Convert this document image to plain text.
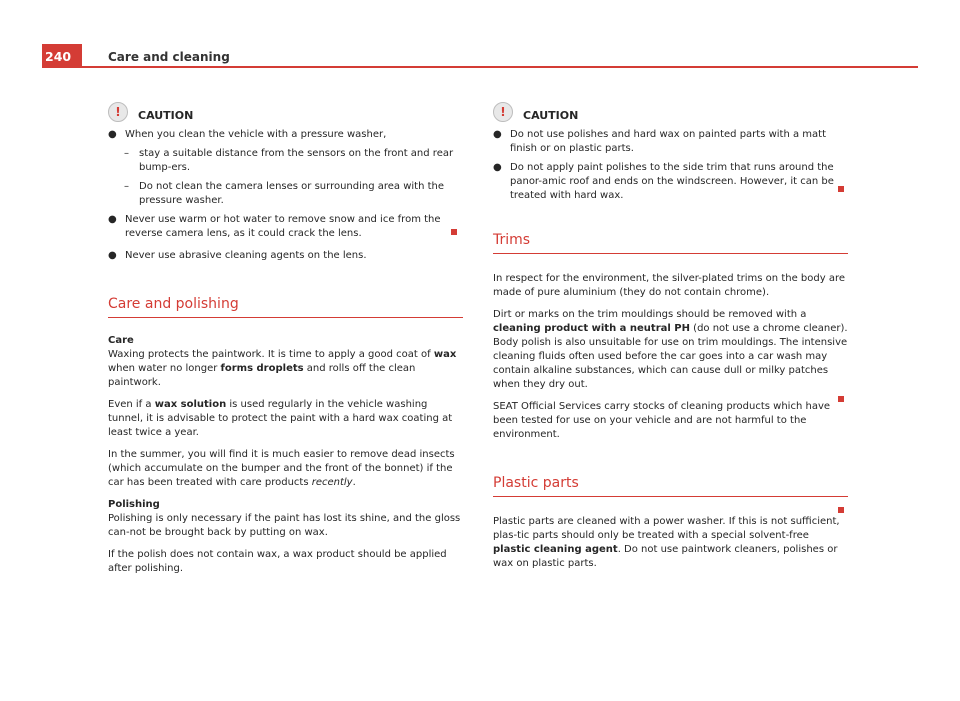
240	Care and cleaning
!	CAUTION
● When you clean the vehicle with a pressure washer,
– stay a suitable distance from the sensors on the front and rear bump-ers.
– Do not clean the camera lenses or surrounding area with the pressure washer.
● Never use warm or hot water to remove snow and ice from the reverse camera lens, as it could crack the lens.
● Never use abrasive cleaning agents on the lens.
Care and polishing

Care

Waxing protects the paintwork. It is time to apply a good coat of wax when water no longer forms droplets and rolls off the clean paintwork.

Even if a wax solution is used regularly in the vehicle washing tunnel, it is advisable to protect the paint with a hard wax coating at least twice a year.

In the summer, you will find it is much easier to remove dead insects (which accumulate on the bumper and the front of the bonnet) if the car has been treated with care products recently.

Polishing

Polishing is only necessary if the paint has lost its shine, and the gloss can-not be brought back by putting on wax.

If the polish does not contain wax, a wax product should be applied after polishing.

!	CAUTION
● Do not use polishes and hard wax on painted parts with a matt finish or on plastic parts.
● Do not apply paint polishes to the side trim that runs around the panor-amic roof and ends on the windscreen. However, it can be treated with hard wax.
Trims

In respect for the environment, the silver-plated trims on the body are made of pure aluminium (they do not contain chrome).

Dirt or marks on the trim mouldings should be removed with a cleaning product with a neutral PH (do not use a chrome cleaner). Body polish is also unsuitable for use on trim mouldings. The intensive cleaning fluids often used before the car goes into a car wash may contain alkaline substances, which can cause dull or milky patches when they dry out.

SEAT Official Services carry stocks of cleaning products which have been tested for use on your vehicle and are not harmful to the environment.

Plastic parts

Plastic parts are cleaned with a power washer. If this is not sufficient, plas-tic parts should only be treated with a special solvent-free plastic cleaning agent. Do not use paintwork cleaners, polishes or wax on plastic parts.
